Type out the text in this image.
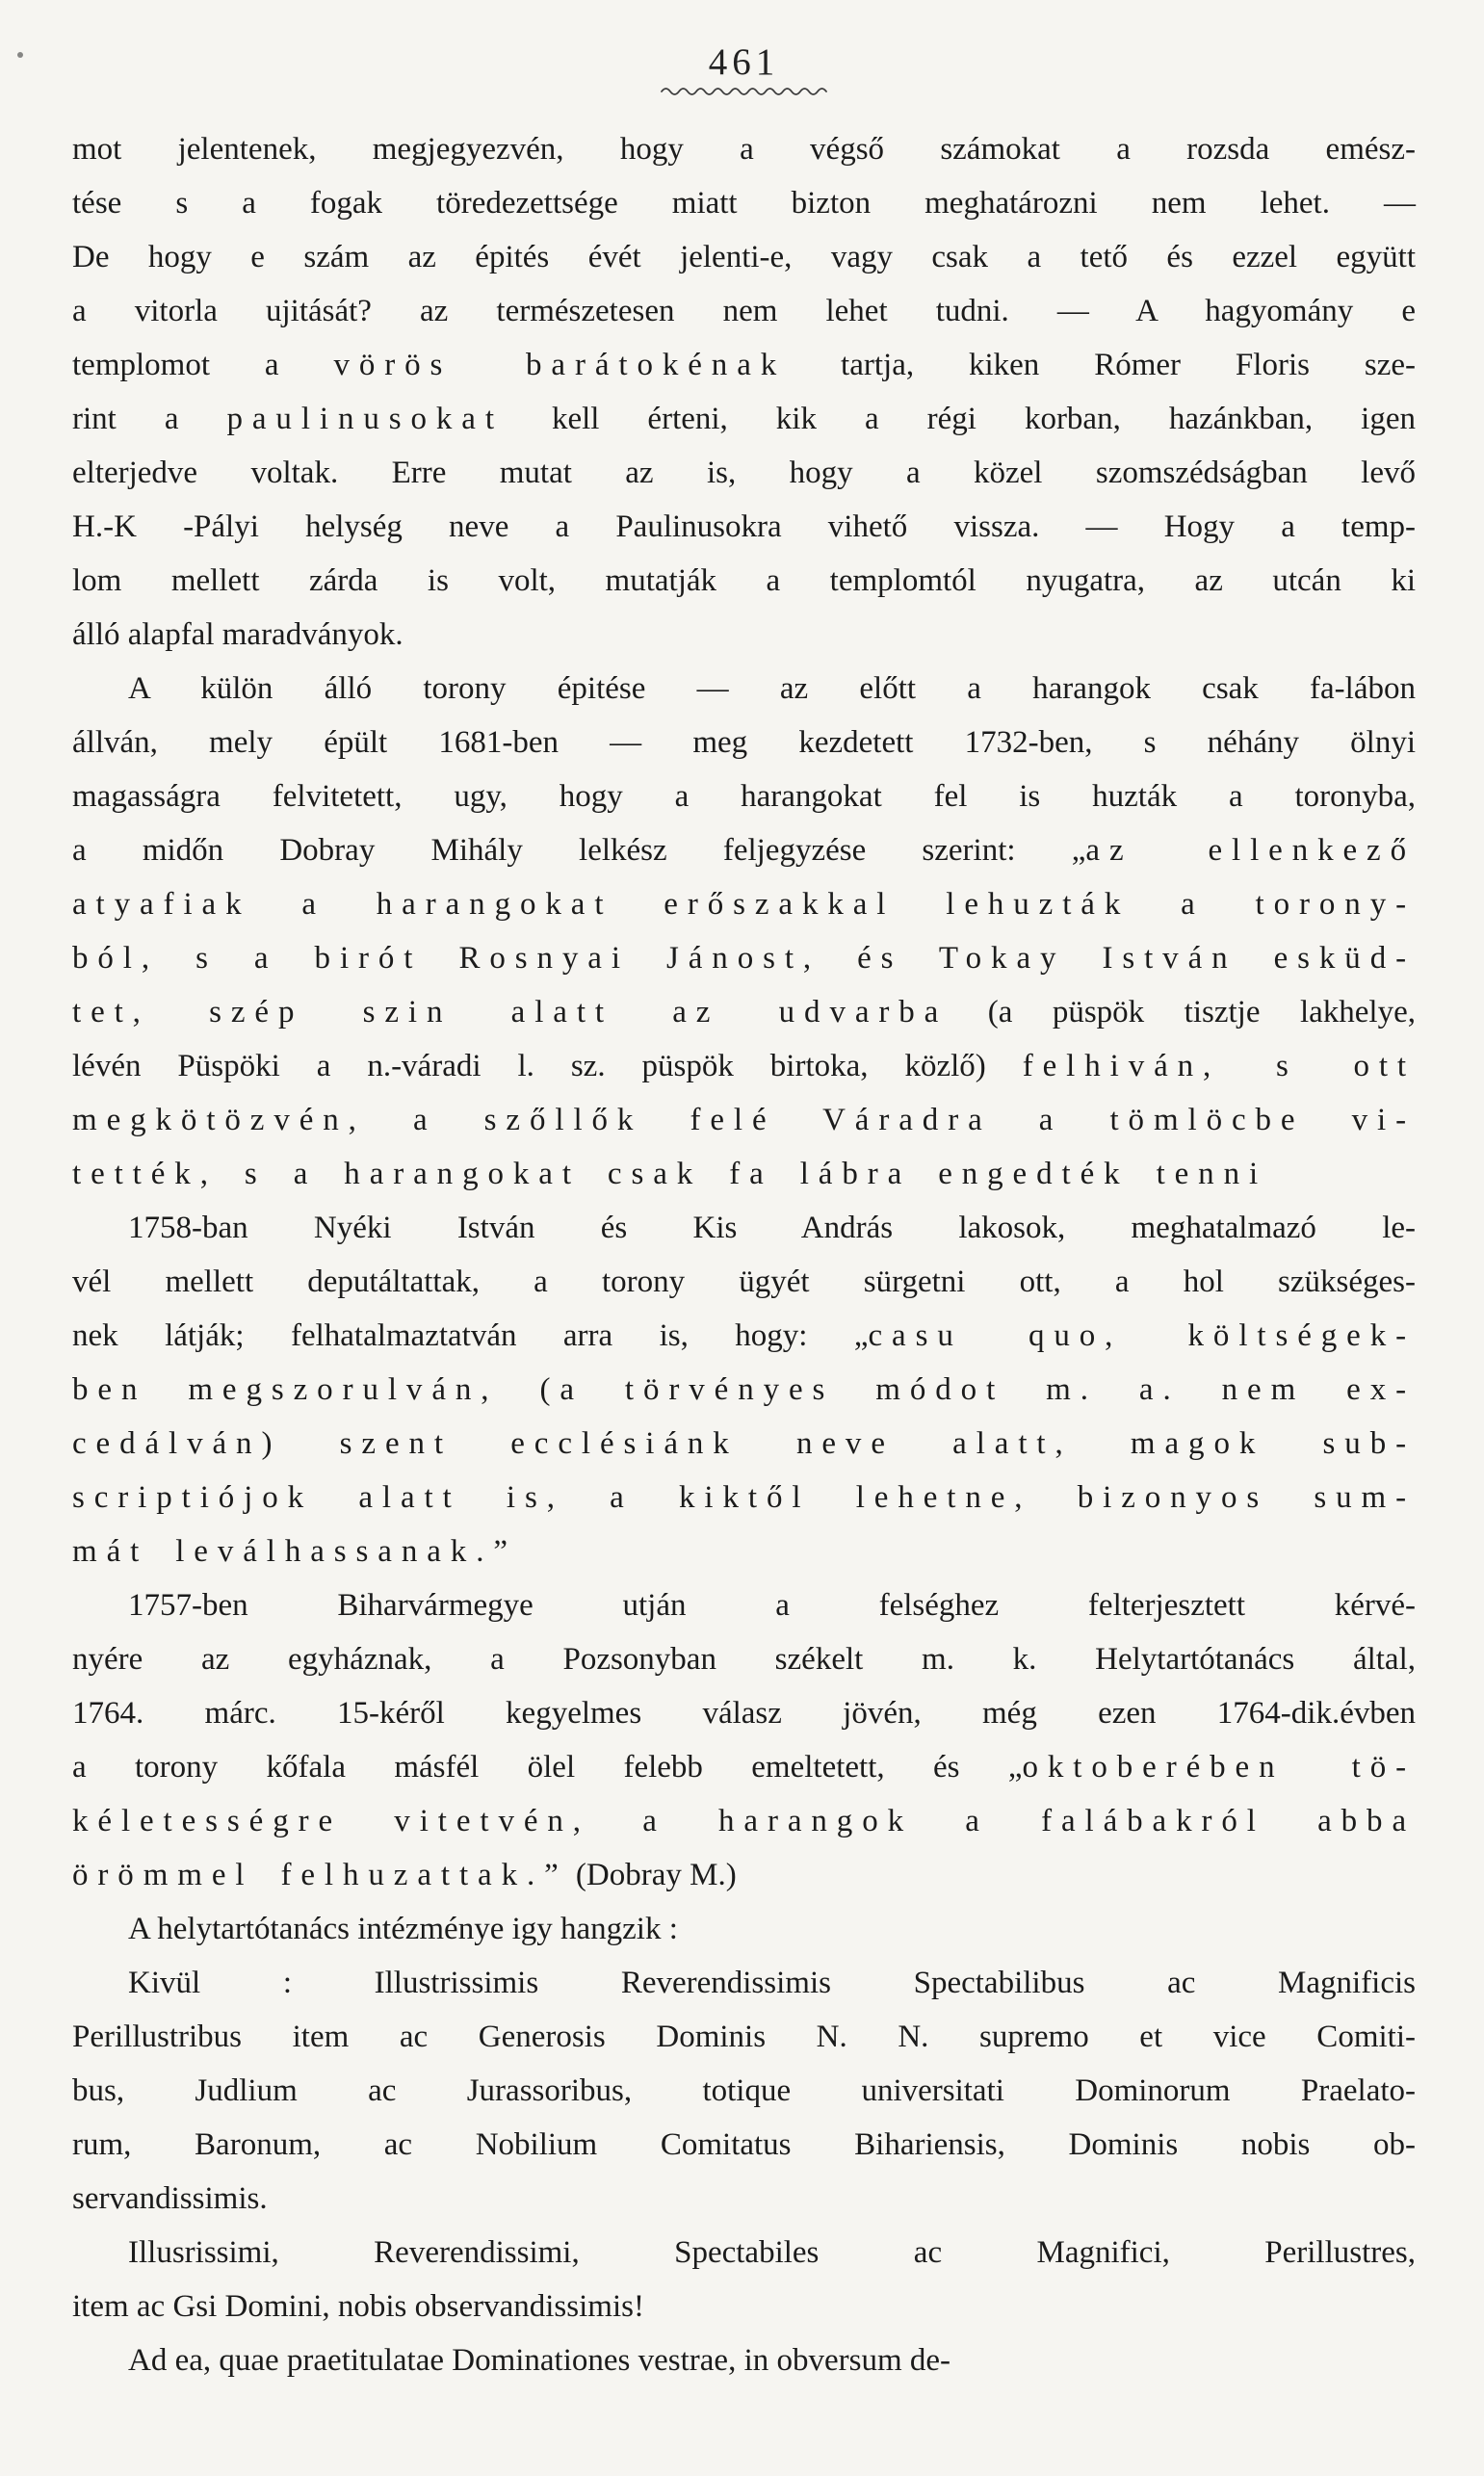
461
mot jelentenek, megjegyezvén, hogy a végső számokat a rozsda emész-
tése s a fogak töredezettsége miatt bizton meghatározni nem lehet. —
De hogy e szám az épités évét jelenti-e, vagy csak a tető és ezzel együtt
a vitorla ujitását? az természetesen nem lehet tudni. — A hagyomány e
templomot a vörös barátokénak tartja, kiken Rómer Floris sze-
rint a paulinusokat kell érteni, kik a régi korban, hazánkban, igen
elterjedve voltak. Erre mutat az is, hogy a közel szomszédságban levő
H.-K -Pályi helység neve a Paulinusokra vihető vissza. — Hogy a temp-
lom mellett zárda is volt, mutatják a templomtól nyugatra, az utcán ki
álló alapfal maradványok.
A külön álló torony épitése — az előtt a harangok csak fa-lábon
állván, mely épült 1681-ben — meg kezdetett 1732-ben, s néhány ölnyi
magasságra felvitetett, ugy, hogy a harangokat fel is huzták a toronyba,
a midőn Dobray Mihály lelkész feljegyzése szerint: „az ellenkező
atyafiak a harangokat erőszakkal lehuzták a torony-
ból, s a birót Rosnyai Jánost, és Tokay István esküd-
tet, szép szin alatt az udvarba (a püspök tisztje lakhelye,
lévén Püspöki a n.-váradi l. sz. püspök birtoka, közlő) felhiván, s ott
megkötözvén, a szőllők felé Váradra a tömlöcbe vi-
tették, s a harangokat csak fa lábra engedték tenni
1758-ban Nyéki István és Kis András lakosok, meghatalmazó le-
vél mellett deputáltattak, a torony ügyét sürgetni ott, a hol szükséges-
nek látják; felhatalmaztatván arra is, hogy: „casu quo, költségek-
ben megszorulván, (a törvényes módot m. a. nem ex-
cedálván) szent ecclésiánk neve alatt, magok sub-
scriptiójok alatt is, a kiktől lehetne, bizonyos sum-
mát leválhassanak.”
1757-ben Biharvármegye utján a felséghez felterjesztett kérvé-
nyére az egyháznak, a Pozsonyban székelt m. k. Helytartótanács által,
1764. márc. 15-kéről kegyelmes válasz jövén, még ezen 1764-dik.évben
a torony kőfala másfél ölel felebb emeltetett, és „oktoberében tö-
kéletességre vitetvén, a harangok a falábakról abba
örömmel felhuzattak.” (Dobray M.)
A helytartótanács intézménye igy hangzik :
Kivül : Illustrissimis Reverendissimis Spectabilibus ac Magnificis
Perillustribus item ac Generosis Dominis N. N. supremo et vice Comiti-
bus, Judlium ac Jurassoribus, totique universitati Dominorum Praelato-
rum, Baronum, ac Nobilium Comitatus Bihariensis, Dominis nobis ob-
servandissimis.
Illusrissimi, Reverendissimi, Spectabiles ac Magnifici, Perillustres,
item ac Gsi Domini, nobis observandissimis!
Ad ea, quae praetitulatae Dominationes vestrae, in obversum de-
